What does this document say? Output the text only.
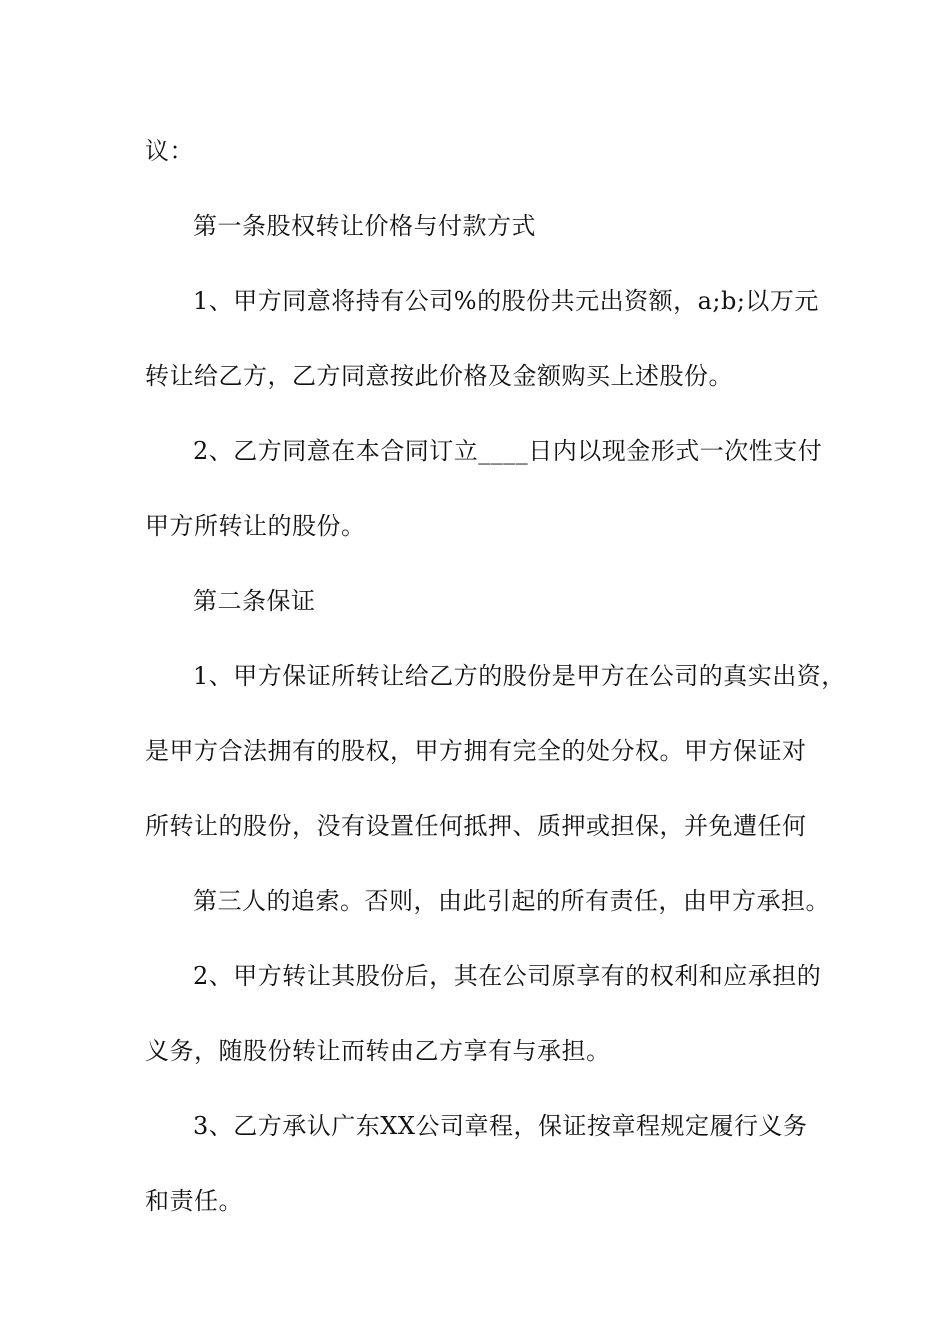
议：
第一条股权转让价格与付款方式
1、甲方同意将持有公司%的股份共元出资额，a;b;以万元
转让给乙方，乙方同意按此价格及金额购买上述股份。
2、乙方同意在本合同订立____日内以现金形式一次性支付
甲方所转让的股份。
第二条保证
1、甲方保证所转让给乙方的股份是甲方在公司的真实出资，
是甲方合法拥有的股权，甲方拥有完全的处分权。甲方保证对
所转让的股份，没有设置任何抵押、质押或担保，并免遭任何
第三人的追索。否则，由此引起的所有责任，由甲方承担。
2、甲方转让其股份后，其在公司原享有的权利和应承担的
义务，随股份转让而转由乙方享有与承担。
3、乙方承认广东XX公司章程，保证按章程规定履行义务
和责任。
